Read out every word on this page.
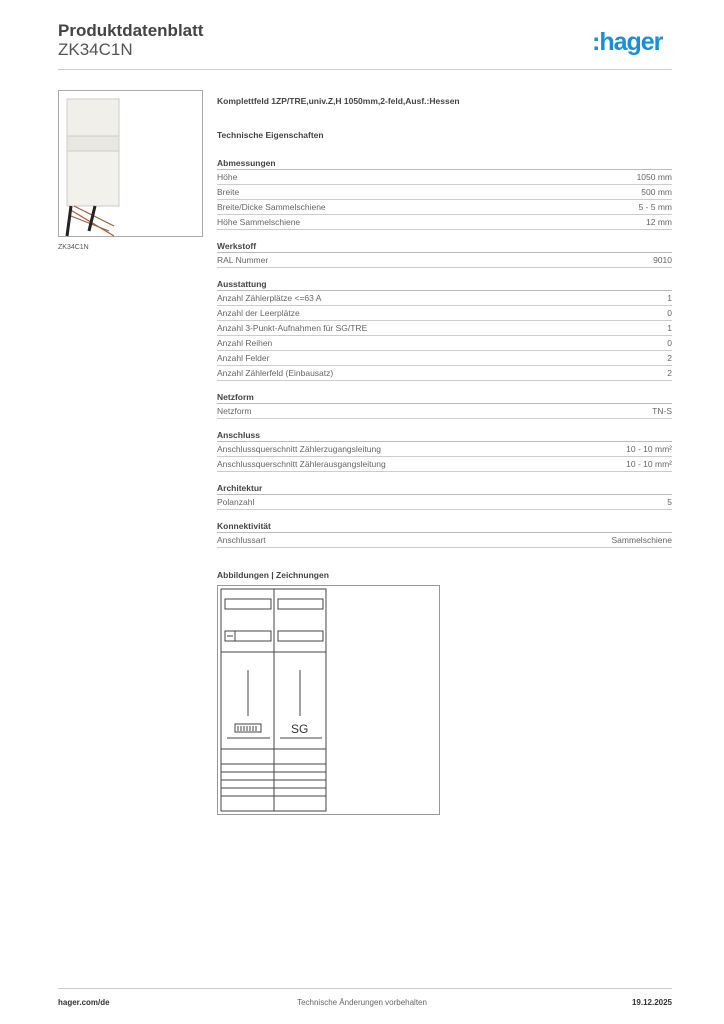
Produktdatenblatt
ZK34C1N	:hager
ZK34C1N
Komplettfeld 1ZP/TRE,univ.Z,H 1050mm,2-feld,Ausf.:Hessen
Technische Eigenschaften
Abmessungen
Höhe	1050 mm
Breite	500 mm
Breite/Dicke Sammelschiene	5 - 5 mm
Höhe Sammelschiene	12 mm
Werkstoff
RAL Nummer	9010
Ausstattung
Anzahl Zählerplätze <=63 A	1
Anzahl der Leerplätze	0
Anzahl 3-Punkt-Aufnahmen für SG/TRE	1
Anzahl Reihen	0
Anzahl Felder	2
Anzahl Zählerfeld (Einbausatz)	2
Netzform
Netzform	TN-S
Anschluss
Anschlussquerschnitt Zählerzugangsleitung	10 - 10 mm²
Anschlussquerschnitt Zählerausgangsleitung	10 - 10 mm²
Architektur
Polanzahl	5
Konnektivität
Anschlussart	Sammelschiene
Abbildungen | Zeichnungen
SG
hager.com/de	Technische Änderungen vorbehalten	19.12.2025
